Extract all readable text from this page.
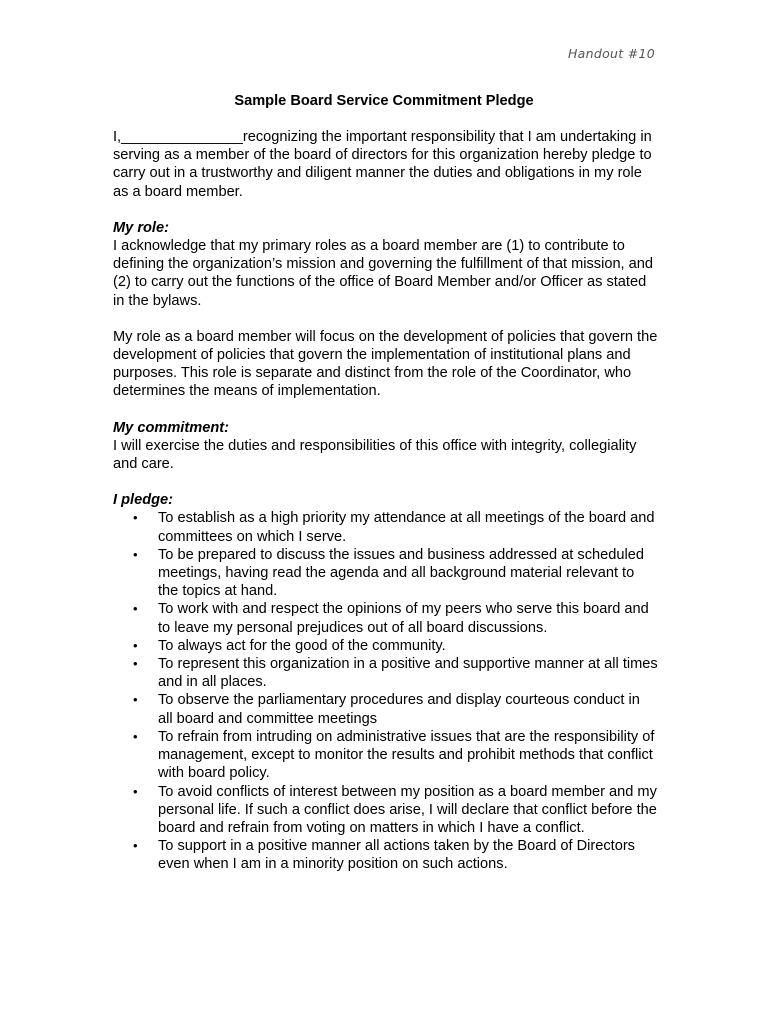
Handout #10
Sample Board Service Commitment Pledge

I,_______________recognizing the important responsibility that I am undertaking in serving as a member of the board of directors for this organization hereby pledge to carry out in a trustworthy and diligent manner the duties and obligations in my role as a board member.

My role:

I acknowledge that my primary roles as a board member are (1) to contribute to defining the organization’s mission and governing the fulfillment of that mission, and (2) to carry out the functions of the office of Board Member and/or Officer as stated in the bylaws.

My role as a board member will focus on the development of policies that govern the development of policies that govern the implementation of institutional plans and purposes. This role is separate and distinct from the role of the Coordinator, who determines the means of implementation.

My commitment:

I will exercise the duties and responsibilities of this office with integrity, collegiality and care.

I pledge:
• To establish as a high priority my attendance at all meetings of the board and committees on which I serve.
• To be prepared to discuss the issues and business addressed at scheduled meetings, having read the agenda and all background material relevant to the topics at hand.
• To work with and respect the opinions of my peers who serve this board and to leave my personal prejudices out of all board discussions.
• To always act for the good of the community.
• To represent this organization in a positive and supportive manner at all times and in all places.
• To observe the parliamentary procedures and display courteous conduct in all board and committee meetings
• To refrain from intruding on administrative issues that are the responsibility of management, except to monitor the results and prohibit methods that conflict with board policy.
• To avoid conflicts of interest between my position as a board member and my personal life. If such a conflict does arise, I will declare that conflict before the board and refrain from voting on matters in which I have a conflict.
• To support in a positive manner all actions taken by the Board of Directors even when I am in a minority position on such actions.
